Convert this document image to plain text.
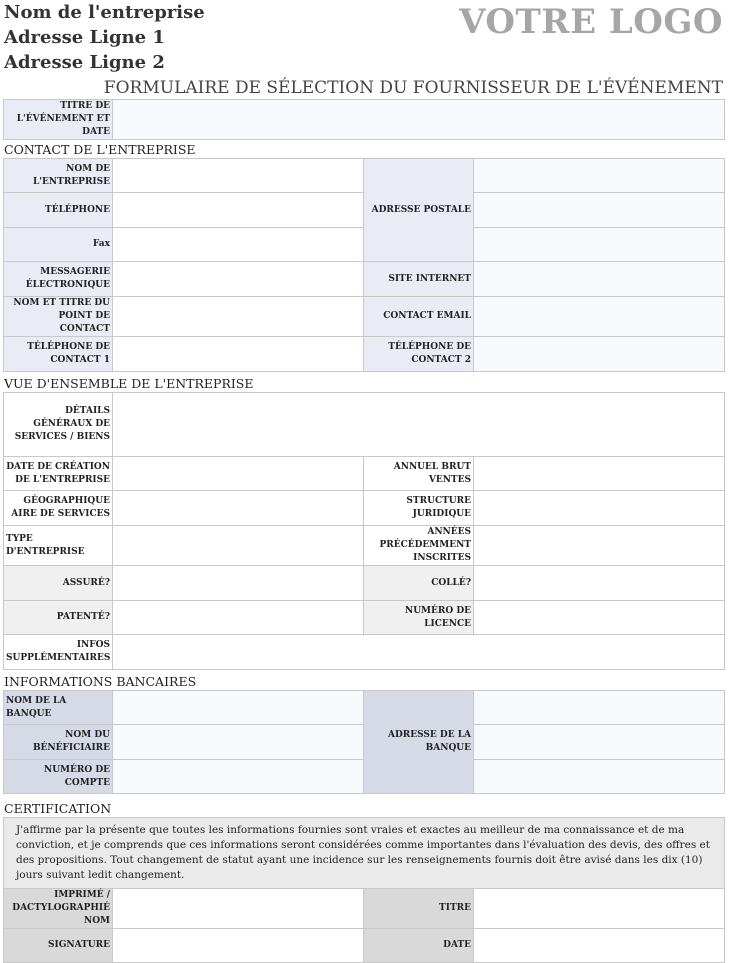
Nom de l'entreprise
Adresse Ligne 1
Adresse Ligne 2
VOTRE LOGO
FORMULAIRE DE SÉLECTION DU FOURNISSEUR DE L'ÉVÉNEMENT
TITRE DE L'ÉVÉNEMENT ET DATE	
CONTACT DE L'ENTREPRISE
NOM DE L'ENTREPRISE		ADRESSE POSTALE	
TÉLÉPHONE			
Fax			
MESSAGERIE ÉLECTRONIQUE		SITE INTERNET	
NOM ET TITRE DU POINT DE CONTACT		CONTACT EMAIL	
TÉLÉPHONE DE CONTACT 1		TÉLÉPHONE DE CONTACT 2	
VUE D'ENSEMBLE DE L'ENTREPRISE
DÉTAILS GÉNÉRAUX DE SERVICES / BIENS			
DATE DE CRÉATION DE L'ENTREPRISE		ANNUEL BRUT VENTES	
GÉOGRAPHIQUE AIRE DE SERVICES		STRUCTURE JURIDIQUE	
TYPE D'ENTREPRISE		ANNÉES PRÉCÉDEMMENT INSCRITES	
ASSURÉ?		COLLÉ?	
PATENTÉ?		NUMÉRO DE LICENCE	
INFOS SUPPLÉMENTAIRES			
INFORMATIONS BANCAIRES
NOM DE LA BANQUE		ADRESSE DE LA BANQUE	
NOM DU BÉNÉFICIAIRE			
NUMÉRO DE COMPTE			
CERTIFICATION
J'affirme par la présente que toutes les informations fournies sont vraies et exactes au meilleur de ma connaissance et de ma conviction, et je comprends que ces informations seront considérées comme importantes dans l'évaluation des devis, des offres et des propositions. Tout changement de statut ayant une incidence sur les renseignements fournis doit être avisé dans les dix (10) jours suivant ledit changement.			
IMPRIMÉ / DACTYLOGRAPHIÉ NOM		TITRE	
SIGNATURE		DATE	
